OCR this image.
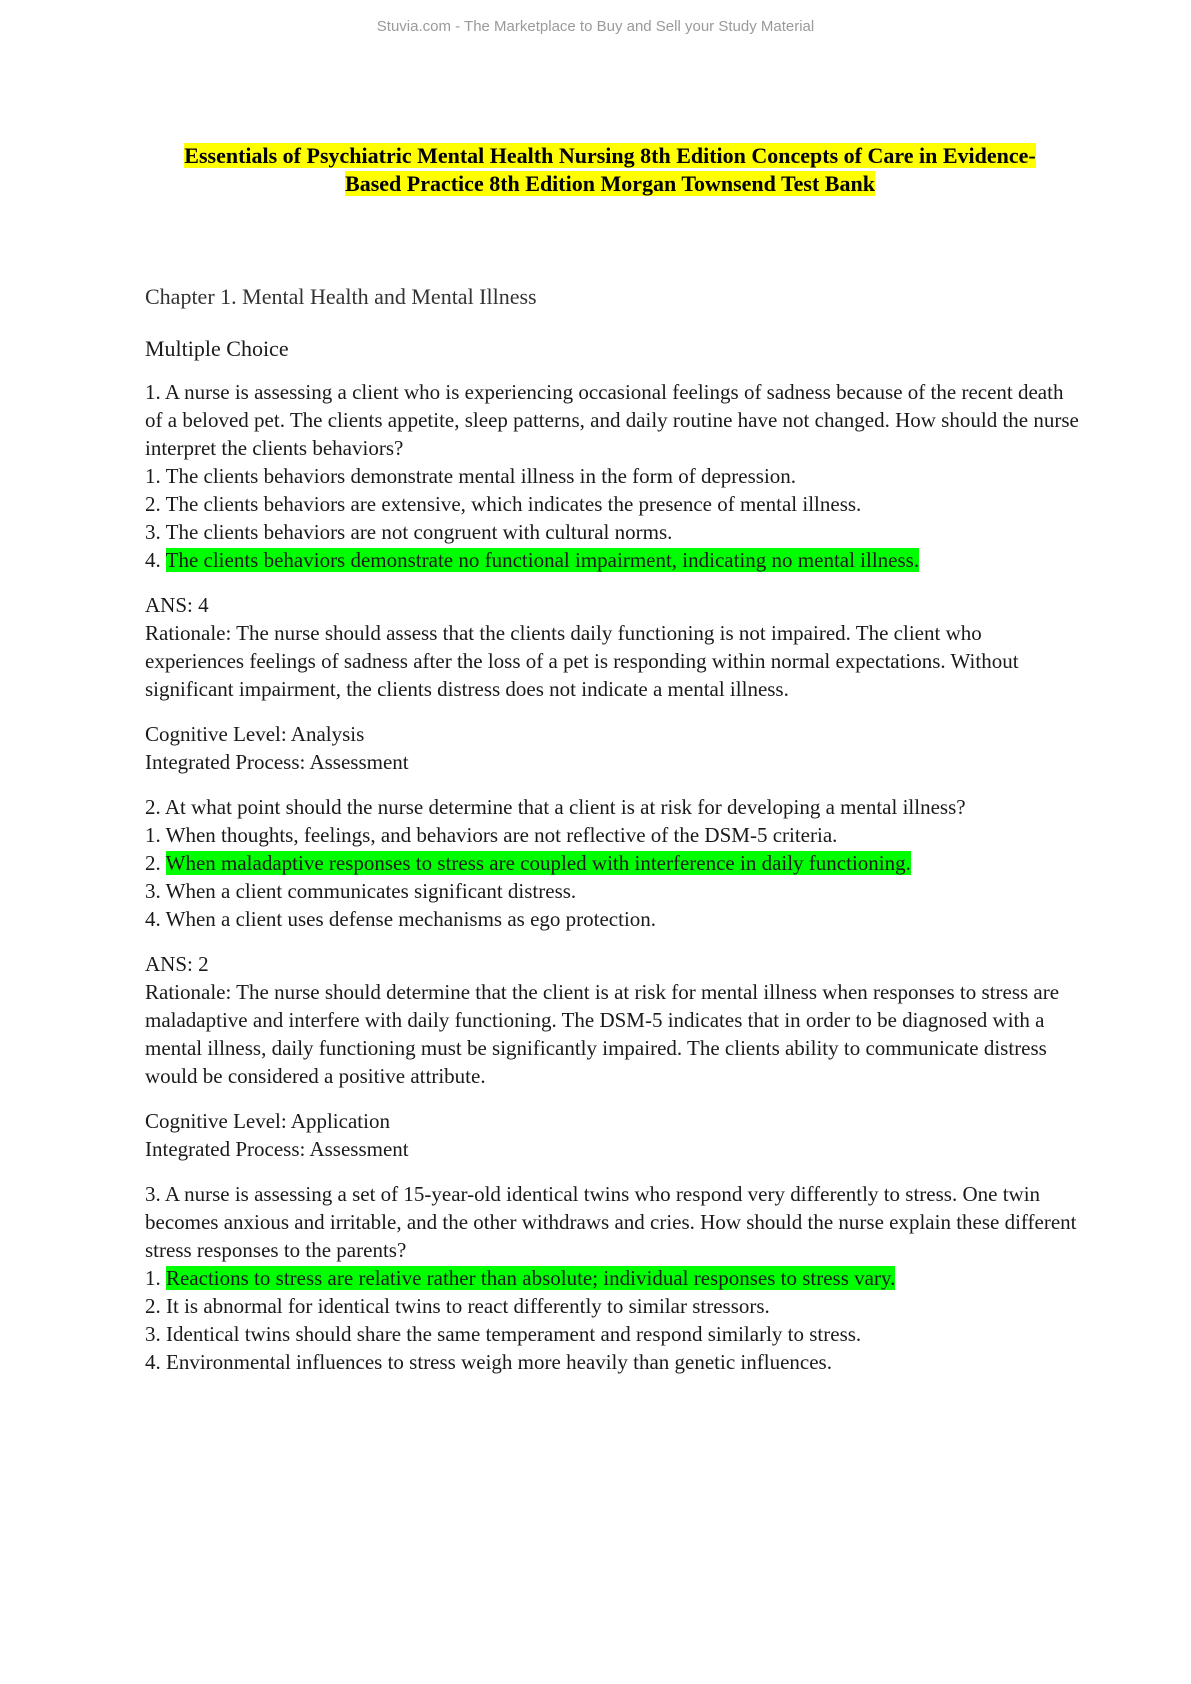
Stuvia.com - The Marketplace to Buy and Sell your Study Material
Essentials of Psychiatric Mental Health Nursing 8th Edition Concepts of Care in Evidence-
Based Practice 8th Edition Morgan Townsend Test Bank
Chapter 1. Mental Health and Mental Illness
Multiple Choice
1. A nurse is assessing a client who is experiencing occasional feelings of sadness because of the recent death of a beloved pet. The clients appetite, sleep patterns, and daily routine have not changed. How should the nurse interpret the clients behaviors?
1. The clients behaviors demonstrate mental illness in the form of depression.
2. The clients behaviors are extensive, which indicates the presence of mental illness.
3. The clients behaviors are not congruent with cultural norms.
4. The clients behaviors demonstrate no functional impairment, indicating no mental illness.
ANS: 4
Rationale: The nurse should assess that the clients daily functioning is not impaired. The client who experiences feelings of sadness after the loss of a pet is responding within normal expectations. Without significant impairment, the clients distress does not indicate a mental illness.
Cognitive Level: Analysis
Integrated Process: Assessment
2. At what point should the nurse determine that a client is at risk for developing a mental illness?
1. When thoughts, feelings, and behaviors are not reflective of the DSM-5 criteria.
2. When maladaptive responses to stress are coupled with interference in daily functioning.
3. When a client communicates significant distress.
4. When a client uses defense mechanisms as ego protection.
ANS: 2
Rationale: The nurse should determine that the client is at risk for mental illness when responses to stress are maladaptive and interfere with daily functioning. The DSM-5 indicates that in order to be diagnosed with a mental illness, daily functioning must be significantly impaired. The clients ability to communicate distress would be considered a positive attribute.
Cognitive Level: Application
Integrated Process: Assessment
3. A nurse is assessing a set of 15-year-old identical twins who respond very differently to stress. One twin becomes anxious and irritable, and the other withdraws and cries. How should the nurse explain these different stress responses to the parents?
1. Reactions to stress are relative rather than absolute; individual responses to stress vary.
2. It is abnormal for identical twins to react differently to similar stressors.
3. Identical twins should share the same temperament and respond similarly to stress.
4. Environmental influences to stress weigh more heavily than genetic influences.
